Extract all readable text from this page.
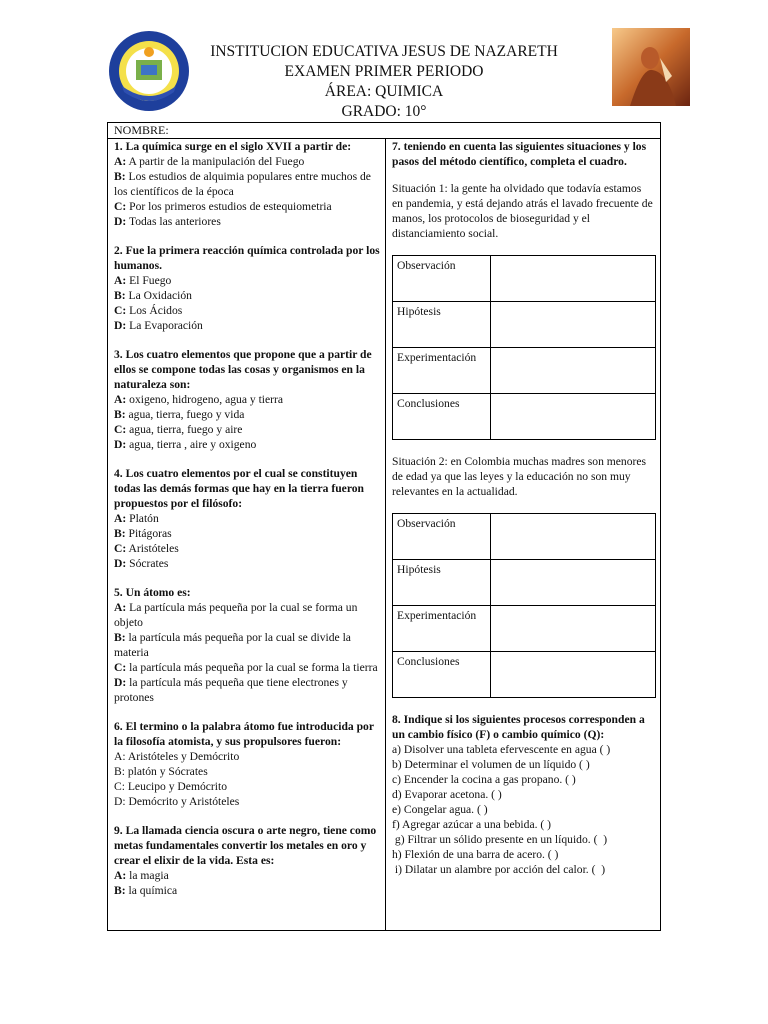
INSTITUCION EDUCATIVA JESUS DE NAZARETH
EXAMEN PRIMER PERIODO
ÁREA: QUIMICA
GRADO: 10°
NOMBRE:
1. La química surge en el siglo XVII a partir de:
A: A partir de la manipulación del Fuego
B: Los estudios de alquimia populares entre muchos de los científicos de la época
C: Por los primeros estudios de estequiometria
D: Todas las anteriores
2. Fue la primera reacción química controlada por los humanos.
A: El Fuego
B: La Oxidación
C: Los Ácidos
D: La Evaporación
3. Los cuatro elementos que propone que a partir de ellos se compone todas las cosas y organismos en la naturaleza son:
A: oxigeno, hidrogeno, agua y tierra
B: agua, tierra, fuego y vida
C: agua, tierra, fuego y aire
D: agua, tierra , aire y oxigeno
4. Los cuatro elementos por el cual se constituyen todas las demás formas que hay en la tierra fueron propuestos por el filósofo:
A: Platón
B: Pitágoras
C: Aristóteles
D: Sócrates
5. Un átomo es:
A: La partícula más pequeña por la cual se forma un objeto
B: la partícula más pequeña por la cual se divide la materia
C: la partícula más pequeña por la cual se forma la tierra
D: la partícula más pequeña que tiene electrones y protones
6. El termino o la palabra átomo fue introducida por la filosofía atomista, y sus propulsores fueron:
A: Aristóteles y Demócrito
B: platón y Sócrates
C: Leucipo y Demócrito
D: Demócrito y Aristóteles
9. La llamada ciencia oscura o arte negro, tiene como metas fundamentales convertir los metales en oro y crear el elixir de la vida. Esta es:
A: la magia
B: la química
7. teniendo en cuenta las siguientes situaciones y los pasos del método científico, completa el cuadro.

Situación 1: la gente ha olvidado que todavía estamos en pandemia, y está dejando atrás el lavado frecuente de manos, los protocolos de bioseguridad y el distanciamiento social.

Observación	
Hipótesis	
Experimentación	
Conclusiones	

Situación 2: en Colombia muchas madres son menores de edad ya que las leyes y la educación no son muy relevantes en la actualidad.

Observación	
Hipótesis	
Experimentación	
Conclusiones	
8. Indique si los siguientes procesos corresponden a un cambio físico (F) o cambio químico (Q):
a) Disolver una tableta efervescente en agua ( )
b) Determinar el volumen de un líquido ( )
c) Encender la cocina a gas propano. ( )
d) Evaporar acetona. ( )
e) Congelar agua. ( )
f) Agregar azúcar a una bebida. ( )
g) Filtrar un sólido presente en un líquido. (  )
h) Flexión de una barra de acero. ( )
i) Dilatar un alambre por acción del calor. (  )
